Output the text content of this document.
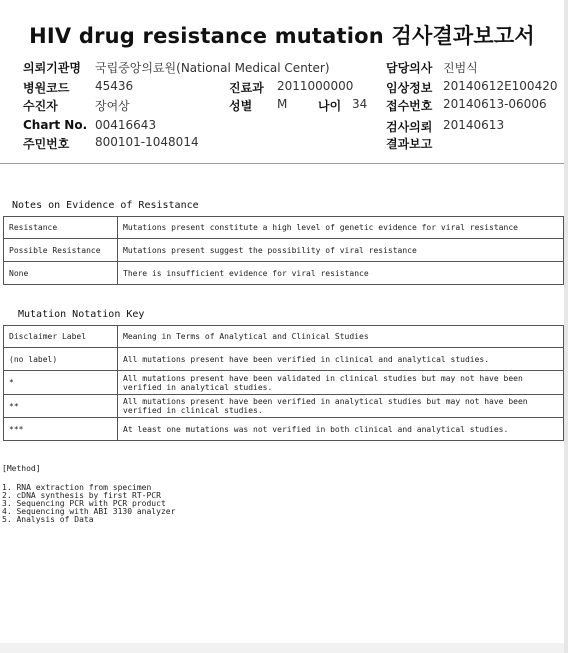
HIV drug resistance mutation 검사결과보고서
의뢰기관명 국립중앙의료원(National Medical Center)	담당의사 진범식
병원코드 45436	진료과 2011000000	임상정보 20140612E100420
수진자	장여상	성별 M	나이 34 접수번호 20140613-06006
Chart No. 00416643	검사의뢰 20140613
주민번호 800101-1048014	결과보고
Notes on Evidence of Resistance
Resistance	Mutations present constitute a high level of genetic evidence for viral resistance
Possible Resistance	Mutations present suggest the possibility of viral resistance
None	There is insufficient evidence for viral resistance
Mutation Notation Key
Disclaimer Label	Meaning in Terms of Analytical and Clinical Studies
(no label)	All mutations present have been verified in clinical and analytical studies.
*	All mutations present have been validated in clinical studies but may not have been verified in analytical studies.
**	All mutations present have been verified in analytical studies but may not have been verified in clinical studies.
***	At least one mutations was not verified in both clinical and analytical studies.
[Method]
1. RNA extraction from specimen
2. cDNA synthesis by first RT-PCR
3. Sequencing PCR with PCR product
4. Sequencing with ABI 3130 analyzer
5. Analysis of Data
